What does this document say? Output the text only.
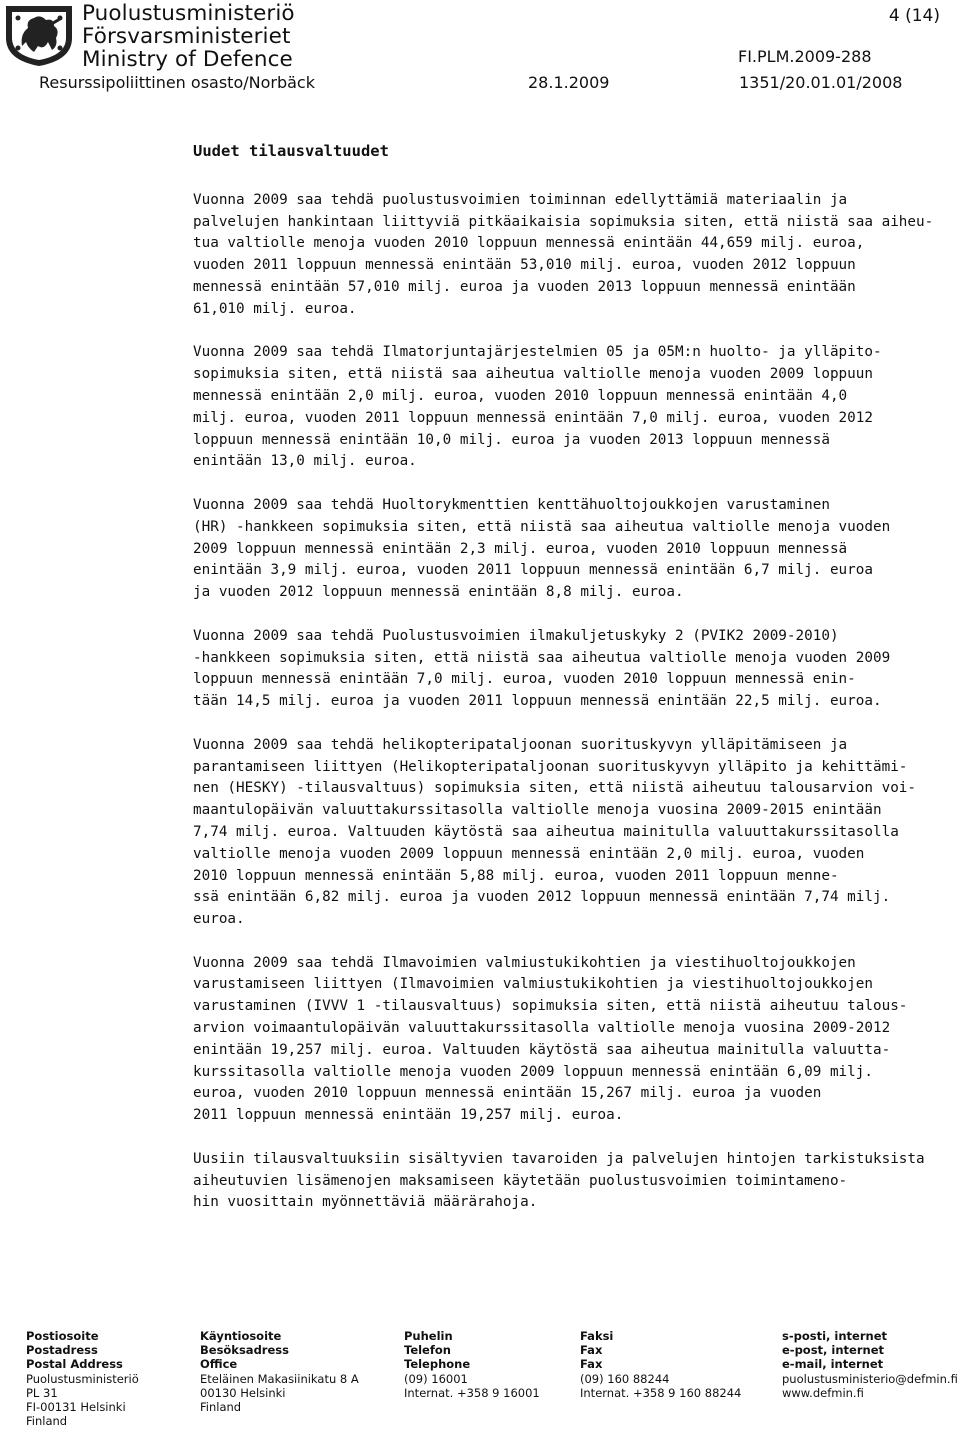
Puolustusministeriö
Försvarsministeriet
Ministry of Defence
4 (14)
FI.PLM.2009-288
Resurssipoliittinen osasto/Norbäck	28.1.2009	1351/20.01.01/2008
Uudet tilausvaltuudet

Vuonna 2009 saa tehdä puolustusvoimien toiminnan edellyttämiä materiaalin ja
palvelujen hankintaan liittyviä pitkäaikaisia sopimuksia siten, että niistä saa aiheu-
tua valtiolle menoja vuoden 2010 loppuun mennessä enintään 44,659 milj. euroa,
vuoden 2011 loppuun mennessä enintään 53,010 milj. euroa, vuoden 2012 loppuun
mennessä enintään 57,010 milj. euroa ja vuoden 2013 loppuun mennessä enintään
61,010 milj. euroa.

Vuonna 2009 saa tehdä Ilmatorjuntajärjestelmien 05 ja 05M:n huolto- ja ylläpito-
sopimuksia siten, että niistä saa aiheutua valtiolle menoja vuoden 2009 loppuun
mennessä enintään 2,0 milj. euroa, vuoden 2010 loppuun mennessä enintään 4,0
milj. euroa, vuoden 2011 loppuun mennessä enintään 7,0 milj. euroa, vuoden 2012
loppuun mennessä enintään 10,0 milj. euroa ja vuoden 2013 loppuun mennessä
enintään 13,0 milj. euroa.

Vuonna 2009 saa tehdä Huoltorykmenttien kenttähuoltojoukkojen varustaminen
(HR) -hankkeen sopimuksia siten, että niistä saa aiheutua valtiolle menoja vuoden
2009 loppuun mennessä enintään 2,3 milj. euroa, vuoden 2010 loppuun mennessä
enintään 3,9 milj. euroa, vuoden 2011 loppuun mennessä enintään 6,7 milj. euroa
ja vuoden 2012 loppuun mennessä enintään 8,8 milj. euroa.

Vuonna 2009 saa tehdä Puolustusvoimien ilmakuljetuskyky 2 (PVIK2 2009-2010)
-hankkeen sopimuksia siten, että niistä saa aiheutua valtiolle menoja vuoden 2009
loppuun mennessä enintään 7,0 milj. euroa, vuoden 2010 loppuun mennessä enin-
tään 14,5 milj. euroa ja vuoden 2011 loppuun mennessä enintään 22,5 milj. euroa.

Vuonna 2009 saa tehdä helikopteripataljoonan suorituskyvyn ylläpitämiseen ja
parantamiseen liittyen (Helikopteripataljoonan suorituskyvyn ylläpito ja kehittämi-
nen (HESKY) -tilausvaltuus) sopimuksia siten, että niistä aiheutuu talousarvion voi-
maantulopäivän valuuttakurssitasolla valtiolle menoja vuosina 2009-2015 enintään
7,74 milj. euroa. Valtuuden käytöstä saa aiheutua mainitulla valuuttakurssitasolla
valtiolle menoja vuoden 2009 loppuun mennessä enintään 2,0 milj. euroa, vuoden
2010 loppuun mennessä enintään 5,88 milj. euroa, vuoden 2011 loppuun menne-
ssä enintään 6,82 milj. euroa ja vuoden 2012 loppuun mennessä enintään 7,74 milj.
euroa.

Vuonna 2009 saa tehdä Ilmavoimien valmiustukikohtien ja viestihuoltojoukkojen
varustamiseen liittyen (Ilmavoimien valmiustukikohtien ja viestihuoltojoukkojen
varustaminen (IVVV 1 -tilausvaltuus) sopimuksia siten, että niistä aiheutuu talous-
arvion voimaantulopäivän valuuttakurssitasolla valtiolle menoja vuosina 2009-2012
enintään 19,257 milj. euroa. Valtuuden käytöstä saa aiheutua mainitulla valuutta-
kurssitasolla valtiolle menoja vuoden 2009 loppuun mennessä enintään 6,09 milj.
euroa, vuoden 2010 loppuun mennessä enintään 15,267 milj. euroa ja vuoden
2011 loppuun mennessä enintään 19,257 milj. euroa.

Uusiin tilausvaltuuksiin sisältyvien tavaroiden ja palvelujen hintojen tarkistuksista
aiheutuvien lisämenojen maksamiseen käytetään puolustusvoimien toimintameno-
hin vuosittain myönnettäviä määrärahoja.

Postiosoite
Postadress
Postal Address
Puolustusministeriö
PL 31
FI-00131 Helsinki
Finland
Käyntiosoite
Besöksadress
Office
Eteläinen Makasiinikatu 8 A
00130 Helsinki
Finland
Puhelin
Telefon
Telephone
(09) 16001
Internat. +358 9 16001
Faksi
Fax
Fax
(09) 160 88244
Internat. +358 9 160 88244
s-posti, internet
e-post, internet
e-mail, internet
puolustusministerio@defmin.fi
www.defmin.fi
